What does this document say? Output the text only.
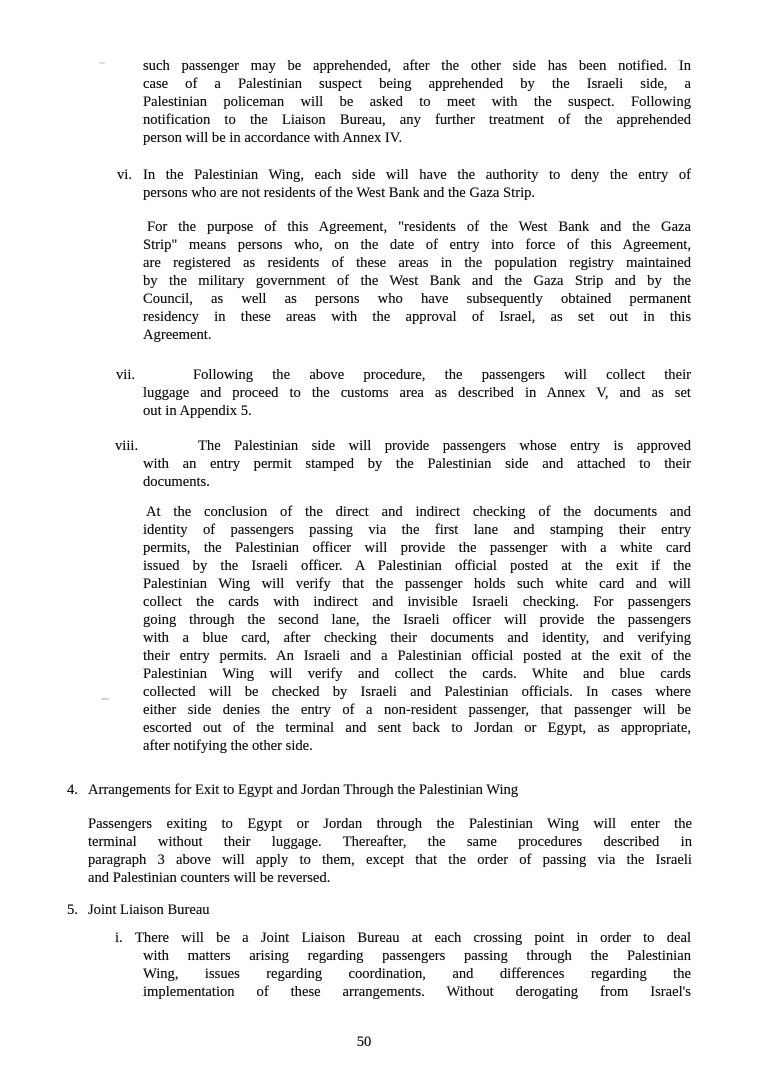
such passenger may be apprehended, after the other side has been notified. In
case of a Palestinian suspect being apprehended by the Israeli side, a
Palestinian policeman will be asked to meet with the suspect. Following
notification to the Liaison Bureau, any further treatment of the apprehended
person will be in accordance with Annex IV.
vi. In the Palestinian Wing, each side will have the authority to deny the entry of
persons who are not residents of the West Bank and the Gaza Strip.
For the purpose of this Agreement, "residents of the West Bank and the Gaza
Strip" means persons who, on the date of entry into force of this Agreement,
are registered as residents of these areas in the population registry maintained
by the military government of the West Bank and the Gaza Strip and by the
Council, as well as persons who have subsequently obtained permanent
residency in these areas with the approval of Israel, as set out in this
Agreement.
vii.	Following the above procedure, the passengers will collect their
luggage and proceed to the customs area as described in Annex V, and as set
out in Appendix 5.
viii.	The Palestinian side will provide passengers whose entry is approved
with an entry permit stamped by the Palestinian side and attached to their
documents.
At the conclusion of the direct and indirect checking of the documents and
identity of passengers passing via the first lane and stamping their entry
permits, the Palestinian officer will provide the passenger with a white card
issued by the Israeli officer. A Palestinian official posted at the exit if the
Palestinian Wing will verify that the passenger holds such white card and will
collect the cards with indirect and invisible Israeli checking. For passengers
going through the second lane, the Israeli officer will provide the passengers
with a blue card, after checking their documents and identity, and verifying
their entry permits. An Israeli and a Palestinian official posted at the exit of the
Palestinian Wing will verify and collect the cards. White and blue cards
collected will be checked by Israeli and Palestinian officials. In cases where
either side denies the entry of a non-resident passenger, that passenger will be
escorted out of the terminal and sent back to Jordan or Egypt, as appropriate,
after notifying the other side.
4. Arrangements for Exit to Egypt and Jordan Through the Palestinian Wing
Passengers exiting to Egypt or Jordan through the Palestinian Wing will enter the
terminal without their luggage. Thereafter, the same procedures described in
paragraph 3 above will apply to them, except that the order of passing via the Israeli
and Palestinian counters will be reversed.
5. Joint Liaison Bureau
i. There will be a Joint Liaison Bureau at each crossing point in order to deal
with matters arising regarding passengers passing through the Palestinian
Wing, issues regarding coordination, and differences regarding the
implementation of these arrangements. Without derogating from Israel's
50
